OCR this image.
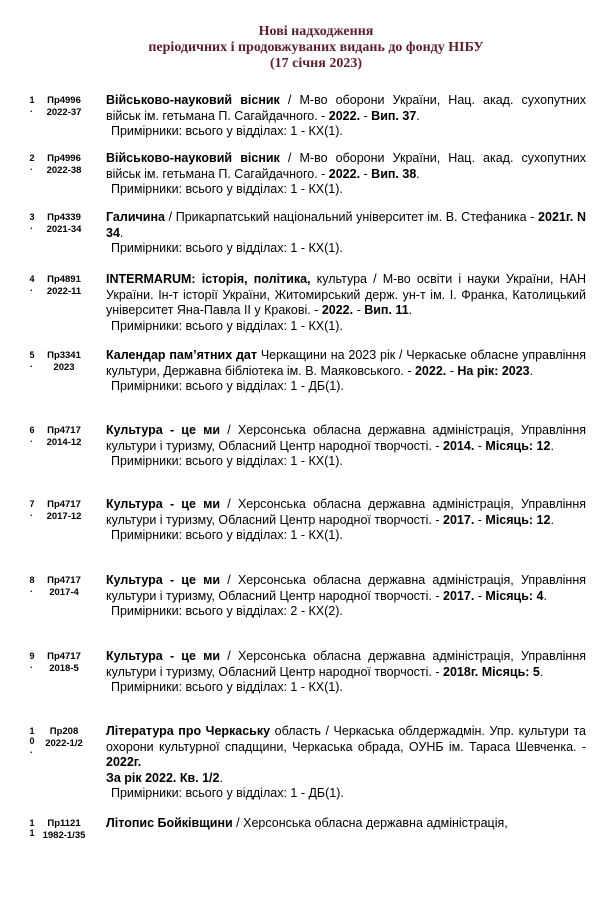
Нові надходження
періодичних і продовжуваних видань до фонду НІБУ
(17 січня 2023)
1
.
Пр4996
2022-37
Військово-науковий вісник / М-во оборони України, Нац. акад. сухопутних військ ім. гетьмана П. Сагайдачного. - 2022. - Вип. 37.
Примірники: всього у відділах: 1 - КХ(1).
2
.
Пр4996
2022-38
Військово-науковий вісник / М-во оборони України, Нац. акад. сухопутних військ ім. гетьмана П. Сагайдачного. - 2022. - Вип. 38.
Примірники: всього у відділах: 1 - КХ(1).
3
.
Пр4339
2021-34
Галичина / Прикарпатський національний університет ім. В. Стефаника - 2021г. N 34.
Примірники: всього у відділах: 1 - КХ(1).
4
.
Пр4891
2022-11
INTERMARUM: історія, політика, культура / М-во освіти і науки України, НАН України. Ін-т історії України, Житомирський держ. ун-т ім. І. Франка, Католицький університет Яна-Павла ІІ у Кракові. - 2022. - Вип. 11.
Примірники: всього у відділах: 1 - КХ(1).
5
.
Пр3341
2023
Календар пам’ятних дат Черкащини на 2023 рік / Черкаське обласне управління культури, Державна бібліотека ім. В. Маяковського. - 2022. - На рік: 2023.
Примірники: всього у відділах: 1 - ДБ(1).
6
.
Пр4717
2014-12
Культура - це ми / Херсонська обласна державна адміністрація, Управління культури і туризму, Обласний Центр народної творчості. - 2014. - Місяць: 12.
Примірники: всього у відділах: 1 - КХ(1).
7
.
Пр4717
2017-12
Культура - це ми / Херсонська обласна державна адміністрація, Управління культури і туризму, Обласний Центр народної творчості. - 2017. - Місяць: 12.
Примірники: всього у відділах: 1 - КХ(1).
8
.
Пр4717
2017-4
Культура - це ми / Херсонська обласна державна адміністрація, Управління культури і туризму, Обласний Центр народної творчості. - 2017. - Місяць: 4.
Примірники: всього у відділах: 2 - КХ(2).
9
.
Пр4717
2018-5
Культура - це ми / Херсонська обласна державна адміністрація, Управління культури і туризму, Обласний Центр народної творчості. - 2018г. Місяць: 5.
Примірники: всього у відділах: 1 - КХ(1).
10
.
Пр208
2022-1/2
Література про Черкаську область / Черкаська облдержадмін. Упр. культури та охорони культурної спадщини, Черкаська обрада, ОУНБ ім. Тараса Шевченка. - 2022г.
За рік 2022. Кв. 1/2.
Примірники: всього у відділах: 1 - ДБ(1).
11
Пр1121
1982-1/35
Літопис Бойківщини / Херсонська обласна державна адміністрація,
